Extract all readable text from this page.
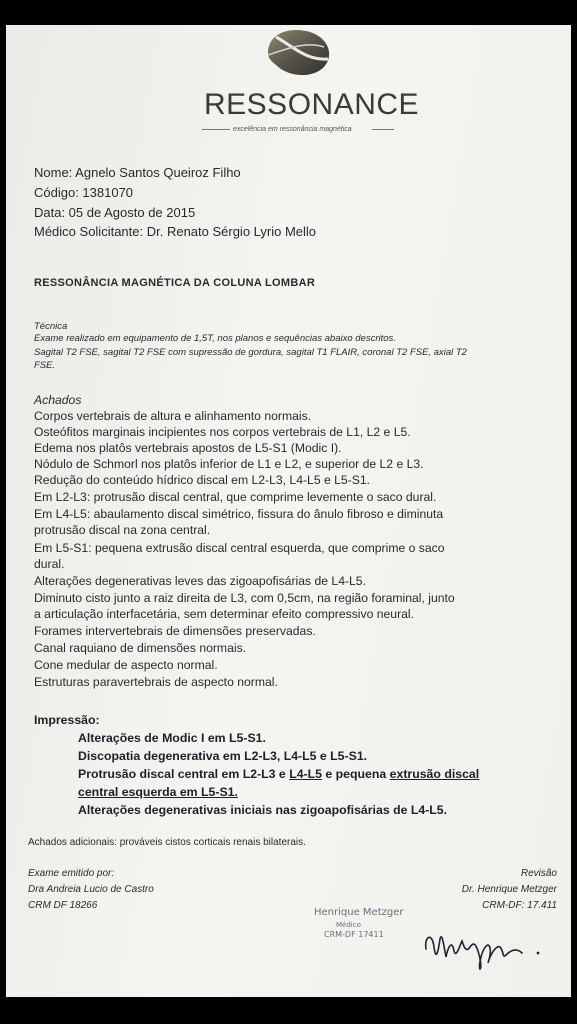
RESSONANCE
excelência em ressonância magnética
Nome: Agnelo Santos Queiroz Filho
Código: 1381070
Data: 05 de Agosto de 2015
Médico Solicitante: Dr. Renato Sérgio Lyrio Mello
RESSONÂNCIA MAGNÉTICA DA COLUNA LOMBAR
Técnica
Exame realizado em equipamento de 1,5T, nos planos e sequências abaixo descritos.
Sagital T2 FSE, sagital T2 FSE com supressão de gordura, sagital T1 FLAIR, coronal T2 FSE, axial T2
FSE.
Achados
Corpos vertebrais de altura e alinhamento normais.
Osteófitos marginais incipientes nos corpos vertebrais de L1, L2 e L5.
Edema nos platôs vertebrais apostos de L5-S1 (Modic I).
Nódulo de Schmorl nos platôs inferior de L1 e L2, e superior de L2 e L3.
Redução do conteúdo hídrico discal em L2-L3, L4-L5 e L5-S1.
Em L2-L3: protrusão discal central, que comprime levemente o saco dural.
Em L4-L5: abaulamento discal simétrico, fissura do ânulo fibroso e diminuta
protrusão discal na zona central.
Em L5-S1: pequena extrusão discal central esquerda, que comprime o saco
dural.
Alterações degenerativas leves das zigoapofisárias de L4-L5.
Diminuto cisto junto a raiz direita de L3, com 0,5cm, na região foraminal, junto
a articulação interfacetária, sem determinar efeito compressivo neural.
Forames intervertebrais de dimensões preservadas.
Canal raquiano de dimensões normais.
Cone medular de aspecto normal.
Estruturas paravertebrais de aspecto normal.
Impressão:
Alterações de Modic I em L5-S1.
Discopatia degenerativa em L2-L3, L4-L5 e L5-S1.
Protrusão discal central em L2-L3 e L4-L5 e pequena extrusão discal
central esquerda em L5-S1.
Alterações degenerativas iniciais nas zigoapofisárias de L4-L5.
Achados adicionais: prováveis cistos corticais renais bilaterais.
Exame emitido por:
Dra Andreia Lucio de Castro
CRM DF 18266
Revisão
Dr. Henrique Metzger
CRM-DF: 17.411
Henrique Metzger
Médico
CRM-DF 17411
